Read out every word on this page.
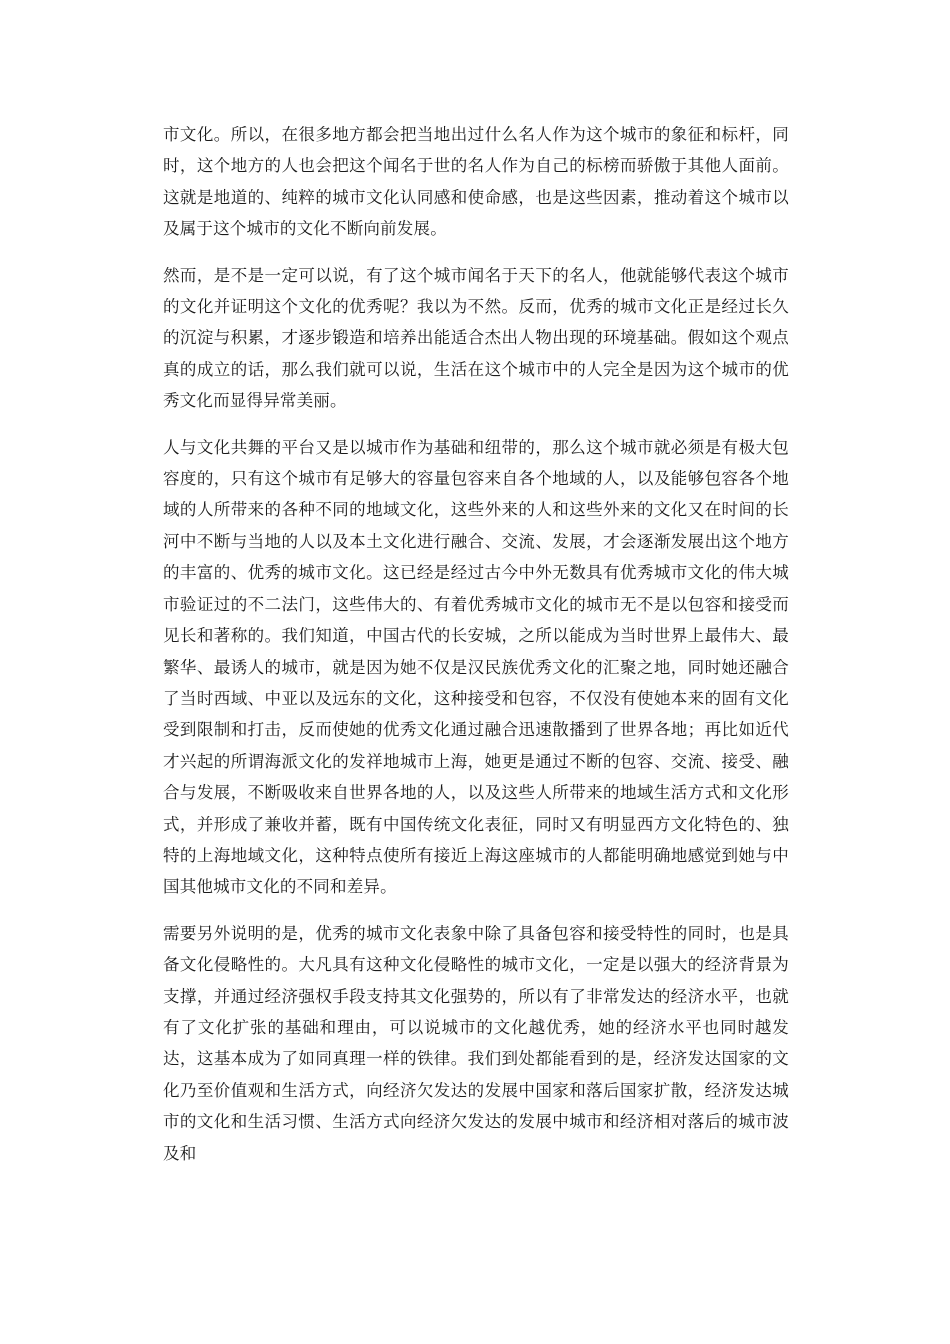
市文化。所以，在很多地方都会把当地出过什么名人作为这个城市的象征和标杆，同时，这个地方的人也会把这个闻名于世的名人作为自己的标榜而骄傲于其他人面前。这就是地道的、纯粹的城市文化认同感和使命感，也是这些因素，推动着这个城市以及属于这个城市的文化不断向前发展。

然而，是不是一定可以说，有了这个城市闻名于天下的名人，他就能够代表这个城市的文化并证明这个文化的优秀呢？我以为不然。反而，优秀的城市文化正是经过长久的沉淀与积累，才逐步锻造和培养出能适合杰出人物出现的环境基础。假如这个观点真的成立的话，那么我们就可以说，生活在这个城市中的人完全是因为这个城市的优秀文化而显得异常美丽。

人与文化共舞的平台又是以城市作为基础和纽带的，那么这个城市就必须是有极大包容度的，只有这个城市有足够大的容量包容来自各个地域的人，以及能够包容各个地域的人所带来的各种不同的地域文化，这些外来的人和这些外来的文化又在时间的长河中不断与当地的人以及本土文化进行融合、交流、发展，才会逐渐发展出这个地方的丰富的、优秀的城市文化。这已经是经过古今中外无数具有优秀城市文化的伟大城市验证过的不二法门，这些伟大的、有着优秀城市文化的城市无不是以包容和接受而见长和著称的。我们知道，中国古代的长安城，之所以能成为当时世界上最伟大、最繁华、最诱人的城市，就是因为她不仅是汉民族优秀文化的汇聚之地，同时她还融合了当时西域、中亚以及远东的文化，这种接受和包容，不仅没有使她本来的固有文化受到限制和打击，反而使她的优秀文化通过融合迅速散播到了世界各地；再比如近代才兴起的所谓海派文化的发祥地城市上海，她更是通过不断的包容、交流、接受、融合与发展，不断吸收来自世界各地的人，以及这些人所带来的地域生活方式和文化形式，并形成了兼收并蓄，既有中国传统文化表征，同时又有明显西方文化特色的、独特的上海地域文化，这种特点使所有接近上海这座城市的人都能明确地感觉到她与中国其他城市文化的不同和差异。

需要另外说明的是，优秀的城市文化表象中除了具备包容和接受特性的同时，也是具备文化侵略性的。大凡具有这种文化侵略性的城市文化，一定是以强大的经济背景为支撑，并通过经济强权手段支持其文化强势的，所以有了非常发达的经济水平，也就有了文化扩张的基础和理由，可以说城市的文化越优秀，她的经济水平也同时越发达，这基本成为了如同真理一样的铁律。我们到处都能看到的是，经济发达国家的文化乃至价值观和生活方式，向经济欠发达的发展中国家和落后国家扩散，经济发达城市的文化和生活习惯、生活方式向经济欠发达的发展中城市和经济相对落后的城市波及和
